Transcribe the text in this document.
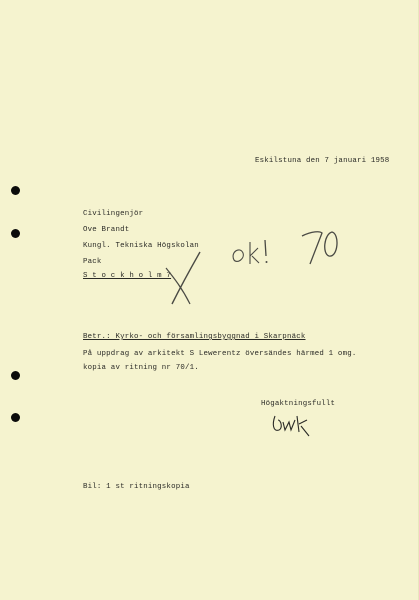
Eskilstuna den 7 januari 1958
Civilingenjör
Ove Brandt
Kungl. Tekniska Högskolan
Pack
S t o c k h o l m 7
Betr.: Kyrko- och församlingsbyggnad i Skarpnäck
På uppdrag av arkitekt S Lewerentz översändes härmed 1 omg.
kopia av ritning nr 70/1.
Högaktningsfullt
Bil: 1 st ritningskopia
